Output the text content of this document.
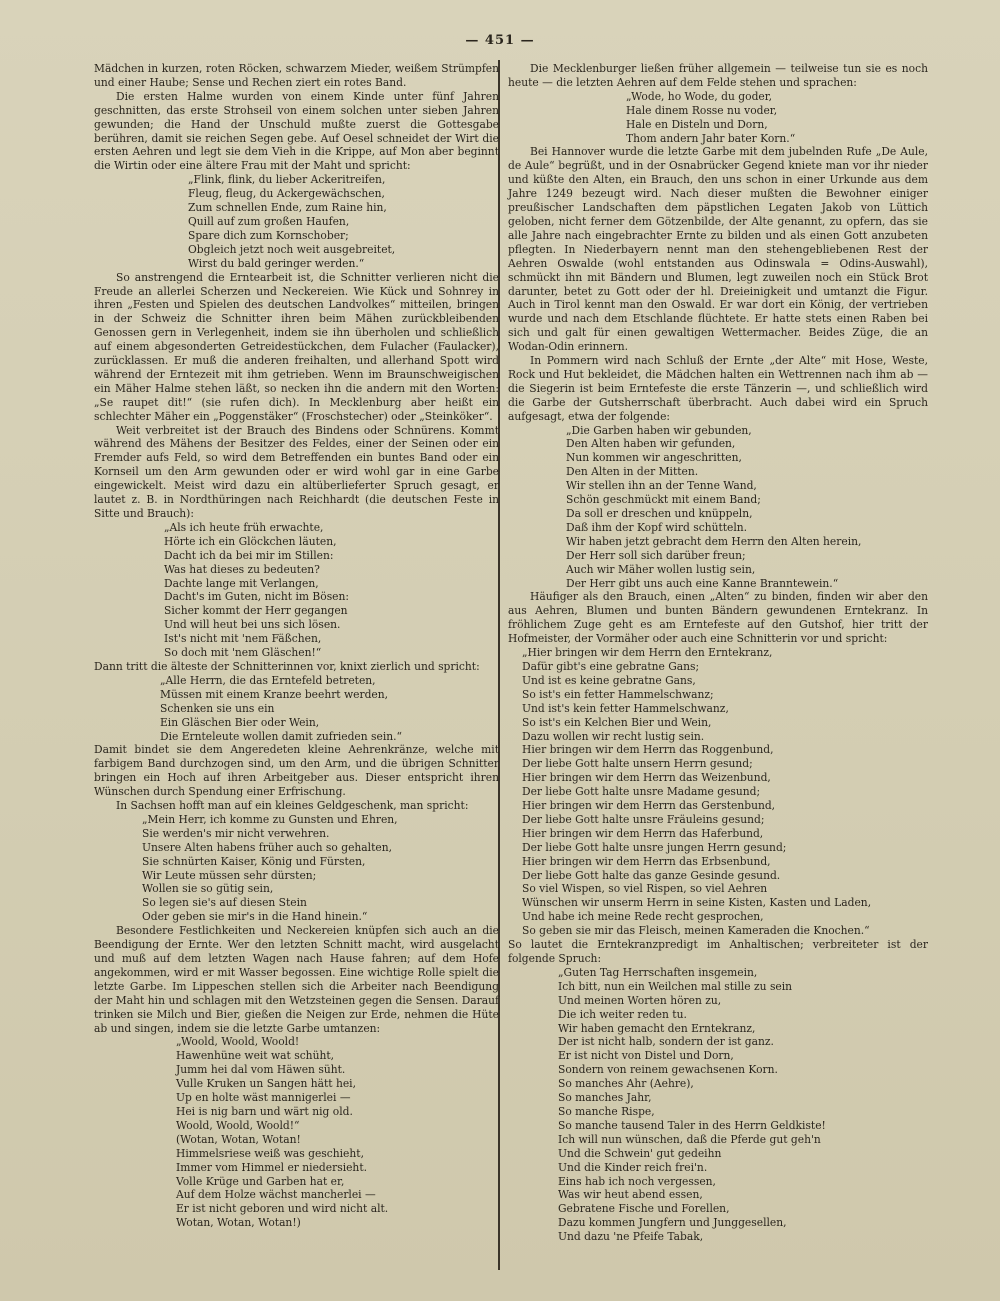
— 451 —

Mädchen in kurzen, roten Röcken, schwarzem Mieder, weißem Strümpfen und einer Haube; Sense und Rechen ziert ein rotes Band.

Die ersten Halme wurden von einem Kinde unter fünf Jahren geschnitten, das erste Strohseil von einem solchen unter sieben Jahren gewunden; die Hand der Unschuld mußte zuerst die Gottesgabe berühren, damit sie reichen Segen gebe. Auf Oesel schneidet der Wirt die ersten Aehren und legt sie dem Vieh in die Krippe, auf Mon aber beginnt die Wirtin oder eine ältere Frau mit der Maht und spricht:

„Flink, flink, du lieber Ackeritreifen,
Fleug, fleug, du Ackergewächschen,
Zum schnellen Ende, zum Raine hin,
Quill auf zum großen Haufen,
Spare dich zum Kornschober;
Obgleich jetzt noch weit ausgebreitet,
Wirst du bald geringer werden.“

So anstrengend die Erntearbeit ist, die Schnitter verlieren nicht die Freude an allerlei Scherzen und Neckereien. Wie Kück und Sohnrey in ihren „Festen und Spielen des deutschen Landvolkes“ mitteilen, bringen in der Schweiz die Schnitter ihren beim Mähen zurückbleibenden Genossen gern in Verlegenheit, indem sie ihn überholen und schließlich auf einem abgesonderten Getreidestückchen, dem Fulacher (Faulacker), zurücklassen. Er muß die anderen freihalten, und allerhand Spott wird während der Erntezeit mit ihm getrieben. Wenn im Braunschweigischen ein Mäher Halme stehen läßt, so necken ihn die andern mit den Worten: „Se raupet dit!“ (sie rufen dich). In Mecklenburg aber heißt ein schlechter Mäher ein „Poggenstäker“ (Froschstecher) oder „Steinköker“.

Weit verbreitet ist der Brauch des Bindens oder Schnürens. Kommt während des Mähens der Besitzer des Feldes, einer der Seinen oder ein Fremder aufs Feld, so wird dem Betreffenden ein buntes Band oder ein Kornseil um den Arm gewunden oder er wird wohl gar in eine Garbe eingewickelt. Meist wird dazu ein altüberlieferter Spruch gesagt, er lautet z. B. in Nordthüringen nach Reichhardt (die deutschen Feste in Sitte und Brauch):

„Als ich heute früh erwachte,
Hörte ich ein Glöckchen läuten,
Dacht ich da bei mir im Stillen:
Was hat dieses zu bedeuten?
Dachte lange mit Verlangen,
Dacht's im Guten, nicht im Bösen:
Sicher kommt der Herr gegangen
Und will heut bei uns sich lösen.
Ist's nicht mit 'nem Fäßchen,
So doch mit 'nem Gläschen!“

Dann tritt die älteste der Schnitterinnen vor, knixt zierlich und spricht:

„Alle Herrn, die das Erntefeld betreten,
Müssen mit einem Kranze beehrt werden,
Schenken sie uns ein
Ein Gläschen Bier oder Wein,
Die Ernteleute wollen damit zufrieden sein.“

Damit bindet sie dem Angeredeten kleine Aehrenkränze, welche mit farbigem Band durchzogen sind, um den Arm, und die übrigen Schnitter bringen ein Hoch auf ihren Arbeitgeber aus. Dieser entspricht ihren Wünschen durch Spendung einer Erfrischung.

In Sachsen hofft man auf ein kleines Geldgeschenk, man spricht:

„Mein Herr, ich komme zu Gunsten und Ehren,
Sie werden's mir nicht verwehren.
Unsere Alten habens früher auch so gehalten,
Sie schnürten Kaiser, König und Fürsten,
Wir Leute müssen sehr dürsten;
Wollen sie so gütig sein,
So legen sie's auf diesen Stein
Oder geben sie mir's in die Hand hinein.“

Besondere Festlichkeiten und Neckereien knüpfen sich auch an die Beendigung der Ernte. Wer den letzten Schnitt macht, wird ausgelacht und muß auf dem letzten Wagen nach Hause fahren; auf dem Hofe angekommen, wird er mit Wasser begossen. Eine wichtige Rolle spielt die letzte Garbe. Im Lippeschen stellen sich die Arbeiter nach Beendigung der Maht hin und schlagen mit den Wetzsteinen gegen die Sensen. Darauf trinken sie Milch und Bier, gießen die Neigen zur Erde, nehmen die Hüte ab und singen, indem sie die letzte Garbe umtanzen:

„Woold, Woold, Woold!
Hawenhüne weit wat schüht,
Jumm hei dal vom Häwen süht.
Vulle Kruken un Sangen hätt hei,
Up en holte wäst mannigerlei —
Hei is nig barn und wärt nig old.
Woold, Woold, Woold!“
(Wotan, Wotan, Wotan!
Himmelsriese weiß was geschieht,
Immer vom Himmel er niedersieht.
Volle Krüge und Garben hat er,
Auf dem Holze wächst mancherlei —
Er ist nicht geboren und wird nicht alt.
Wotan, Wotan, Wotan!)

Die Mecklenburger ließen früher allgemein — teilweise tun sie es noch heute — die letzten Aehren auf dem Felde stehen und sprachen:

„Wode, ho Wode, du goder,
Hale dinem Rosse nu voder,
Hale en Disteln und Dorn,
Thom andern Jahr bater Korn.“

Bei Hannover wurde die letzte Garbe mit dem jubelnden Rufe „De Aule, de Aule“ begrüßt, und in der Osnabrücker Gegend kniete man vor ihr nieder und küßte den Alten, ein Brauch, den uns schon in einer Urkunde aus dem Jahre 1249 bezeugt wird. Nach dieser mußten die Bewohner einiger preußischer Landschaften dem päpstlichen Legaten Jakob von Lüttich geloben, nicht ferner dem Götzenbilde, der Alte genannt, zu opfern, das sie alle Jahre nach eingebrachter Ernte zu bilden und als einen Gott anzubeten pflegten. In Niederbayern nennt man den stehengebliebenen Rest der Aehren Oswalde (wohl entstanden aus Odinswala = Odins-Auswahl), schmückt ihn mit Bändern und Blumen, legt zuweilen noch ein Stück Brot darunter, betet zu Gott oder der hl. Dreieinigkeit und umtanzt die Figur. Auch in Tirol kennt man den Oswald. Er war dort ein König, der vertrieben wurde und nach dem Etschlande flüchtete. Er hatte stets einen Raben bei sich und galt für einen gewaltigen Wettermacher. Beides Züge, die an Wodan-Odin erinnern.

In Pommern wird nach Schluß der Ernte „der Alte“ mit Hose, Weste, Rock und Hut bekleidet, die Mädchen halten ein Wettrennen nach ihm ab — die Siegerin ist beim Erntefeste die erste Tänzerin —, und schließlich wird die Garbe der Gutsherrschaft überbracht. Auch dabei wird ein Spruch aufgesagt, etwa der folgende:

„Die Garben haben wir gebunden,
Den Alten haben wir gefunden,
Nun kommen wir angeschritten,
Den Alten in der Mitten.
Wir stellen ihn an der Tenne Wand,
Schön geschmückt mit einem Band;
Da soll er dreschen und knüppeln,
Daß ihm der Kopf wird schütteln.
Wir haben jetzt gebracht dem Herrn den Alten herein,
Der Herr soll sich darüber freun;
Auch wir Mäher wollen lustig sein,
Der Herr gibt uns auch eine Kanne Branntewein.“

Häufiger als den Brauch, einen „Alten“ zu binden, finden wir aber den aus Aehren, Blumen und bunten Bändern gewundenen Erntekranz. In fröhlichem Zuge geht es am Erntefeste auf den Gutshof, hier tritt der Hofmeister, der Vormäher oder auch eine Schnitterin vor und spricht:

„Hier bringen wir dem Herrn den Erntekranz,
Dafür gibt's eine gebratne Gans;
Und ist es keine gebratne Gans,
So ist's ein fetter Hammelschwanz;
Und ist's kein fetter Hammelschwanz,
So ist's ein Kelchen Bier und Wein,
Dazu wollen wir recht lustig sein.
Hier bringen wir dem Herrn das Roggenbund,
Der liebe Gott halte unsern Herrn gesund;
Hier bringen wir dem Herrn das Weizenbund,
Der liebe Gott halte unsre Madame gesund;
Hier bringen wir dem Herrn das Gerstenbund,
Der liebe Gott halte unsre Fräuleins gesund;
Hier bringen wir dem Herrn das Haferbund,
Der liebe Gott halte unsre jungen Herrn gesund;
Hier bringen wir dem Herrn das Erbsenbund,
Der liebe Gott halte das ganze Gesinde gesund.
So viel Wispen, so viel Rispen, so viel Aehren
Wünschen wir unserm Herrn in seine Kisten, Kasten und Laden,
Und habe ich meine Rede recht gesprochen,
So geben sie mir das Fleisch, meinen Kameraden die Knochen.“

So lautet die Erntekranzpredigt im Anhaltischen; verbreiteter ist der folgende Spruch:

„Guten Tag Herrschaften insgemein,
Ich bitt, nun ein Weilchen mal stille zu sein
Und meinen Worten hören zu,
Die ich weiter reden tu.
Wir haben gemacht den Erntekranz,
Der ist nicht halb, sondern der ist ganz.
Er ist nicht von Distel und Dorn,
Sondern von reinem gewachsenen Korn.
So manches Ahr (Aehre),
So manches Jahr,
So manche Rispe,
So manche tausend Taler in des Herrn Geldkiste!
Ich will nun wünschen, daß die Pferde gut geh'n
Und die Schwein' gut gedeihn
Und die Kinder reich frei'n.
Eins hab ich noch vergessen,
Was wir heut abend essen,
Gebratene Fische und Forellen,
Dazu kommen Jungfern und Junggesellen,
Und dazu 'ne Pfeife Tabak,
